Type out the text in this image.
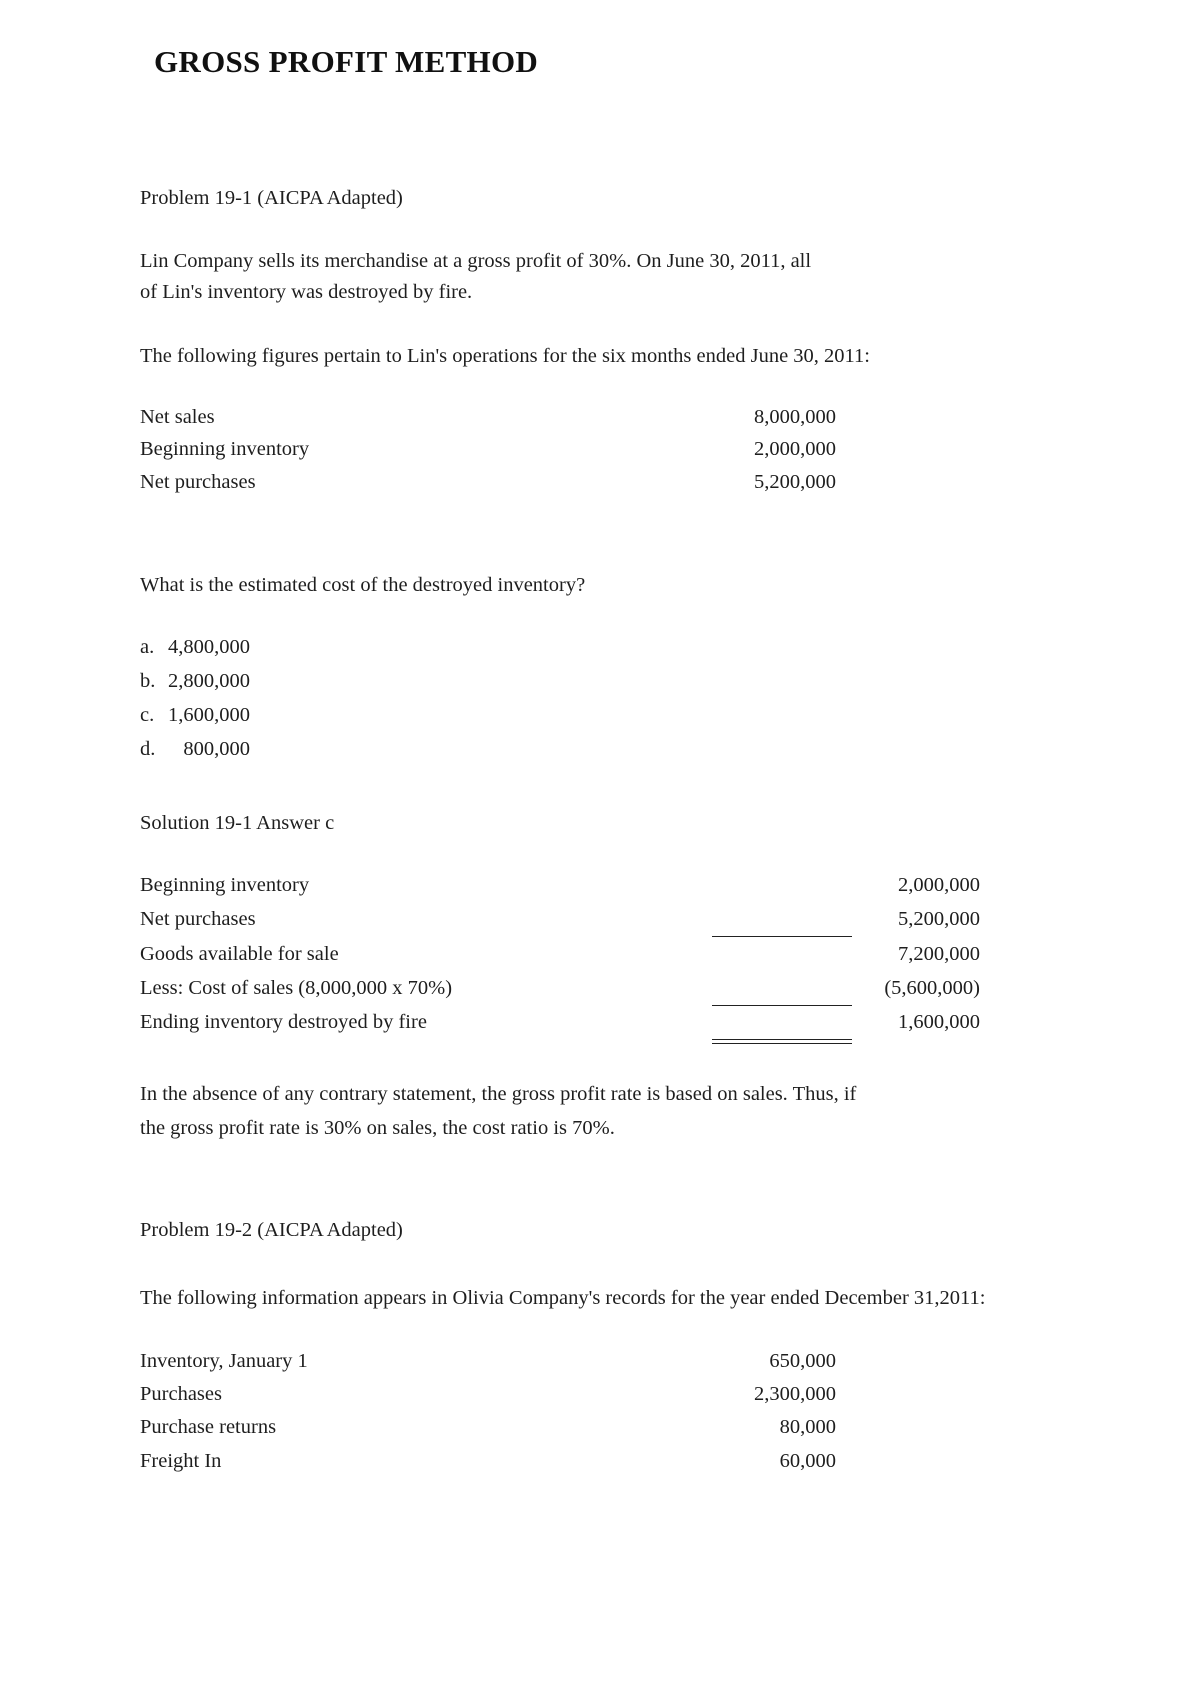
GROSS PROFIT METHOD
Problem 19-1 (AICPA Adapted)
Lin Company sells its merchandise at a gross profit of 30%. On June 30, 2011, all
of Lin's inventory was destroyed by fire.
The following figures pertain to Lin's operations for the six months ended June 30, 2011:
Net sales	8,000,000
Beginning inventory	2,000,000
Net purchases	5,200,000
What is the estimated cost of the destroyed inventory?
a. 4,800,000
b. 2,800,000
c. 1,600,000
d. 800,000
Solution 19-1 Answer c
Beginning inventory	2,000,000
Net purchases	5,200,000
Goods available for sale	7,200,000
Less: Cost of sales (8,000,000 x 70%)	(5,600,000)
Ending inventory destroyed by fire	1,600,000
In the absence of any contrary statement, the gross profit rate is based on sales. Thus, if
the gross profit rate is 30% on sales, the cost ratio is 70%.
Problem 19-2 (AICPA Adapted)
The following information appears in Olivia Company's records for the year ended December 31,2011:
Inventory, January 1	650,000
Purchases	2,300,000
Purchase returns	80,000
Freight In	60,000
